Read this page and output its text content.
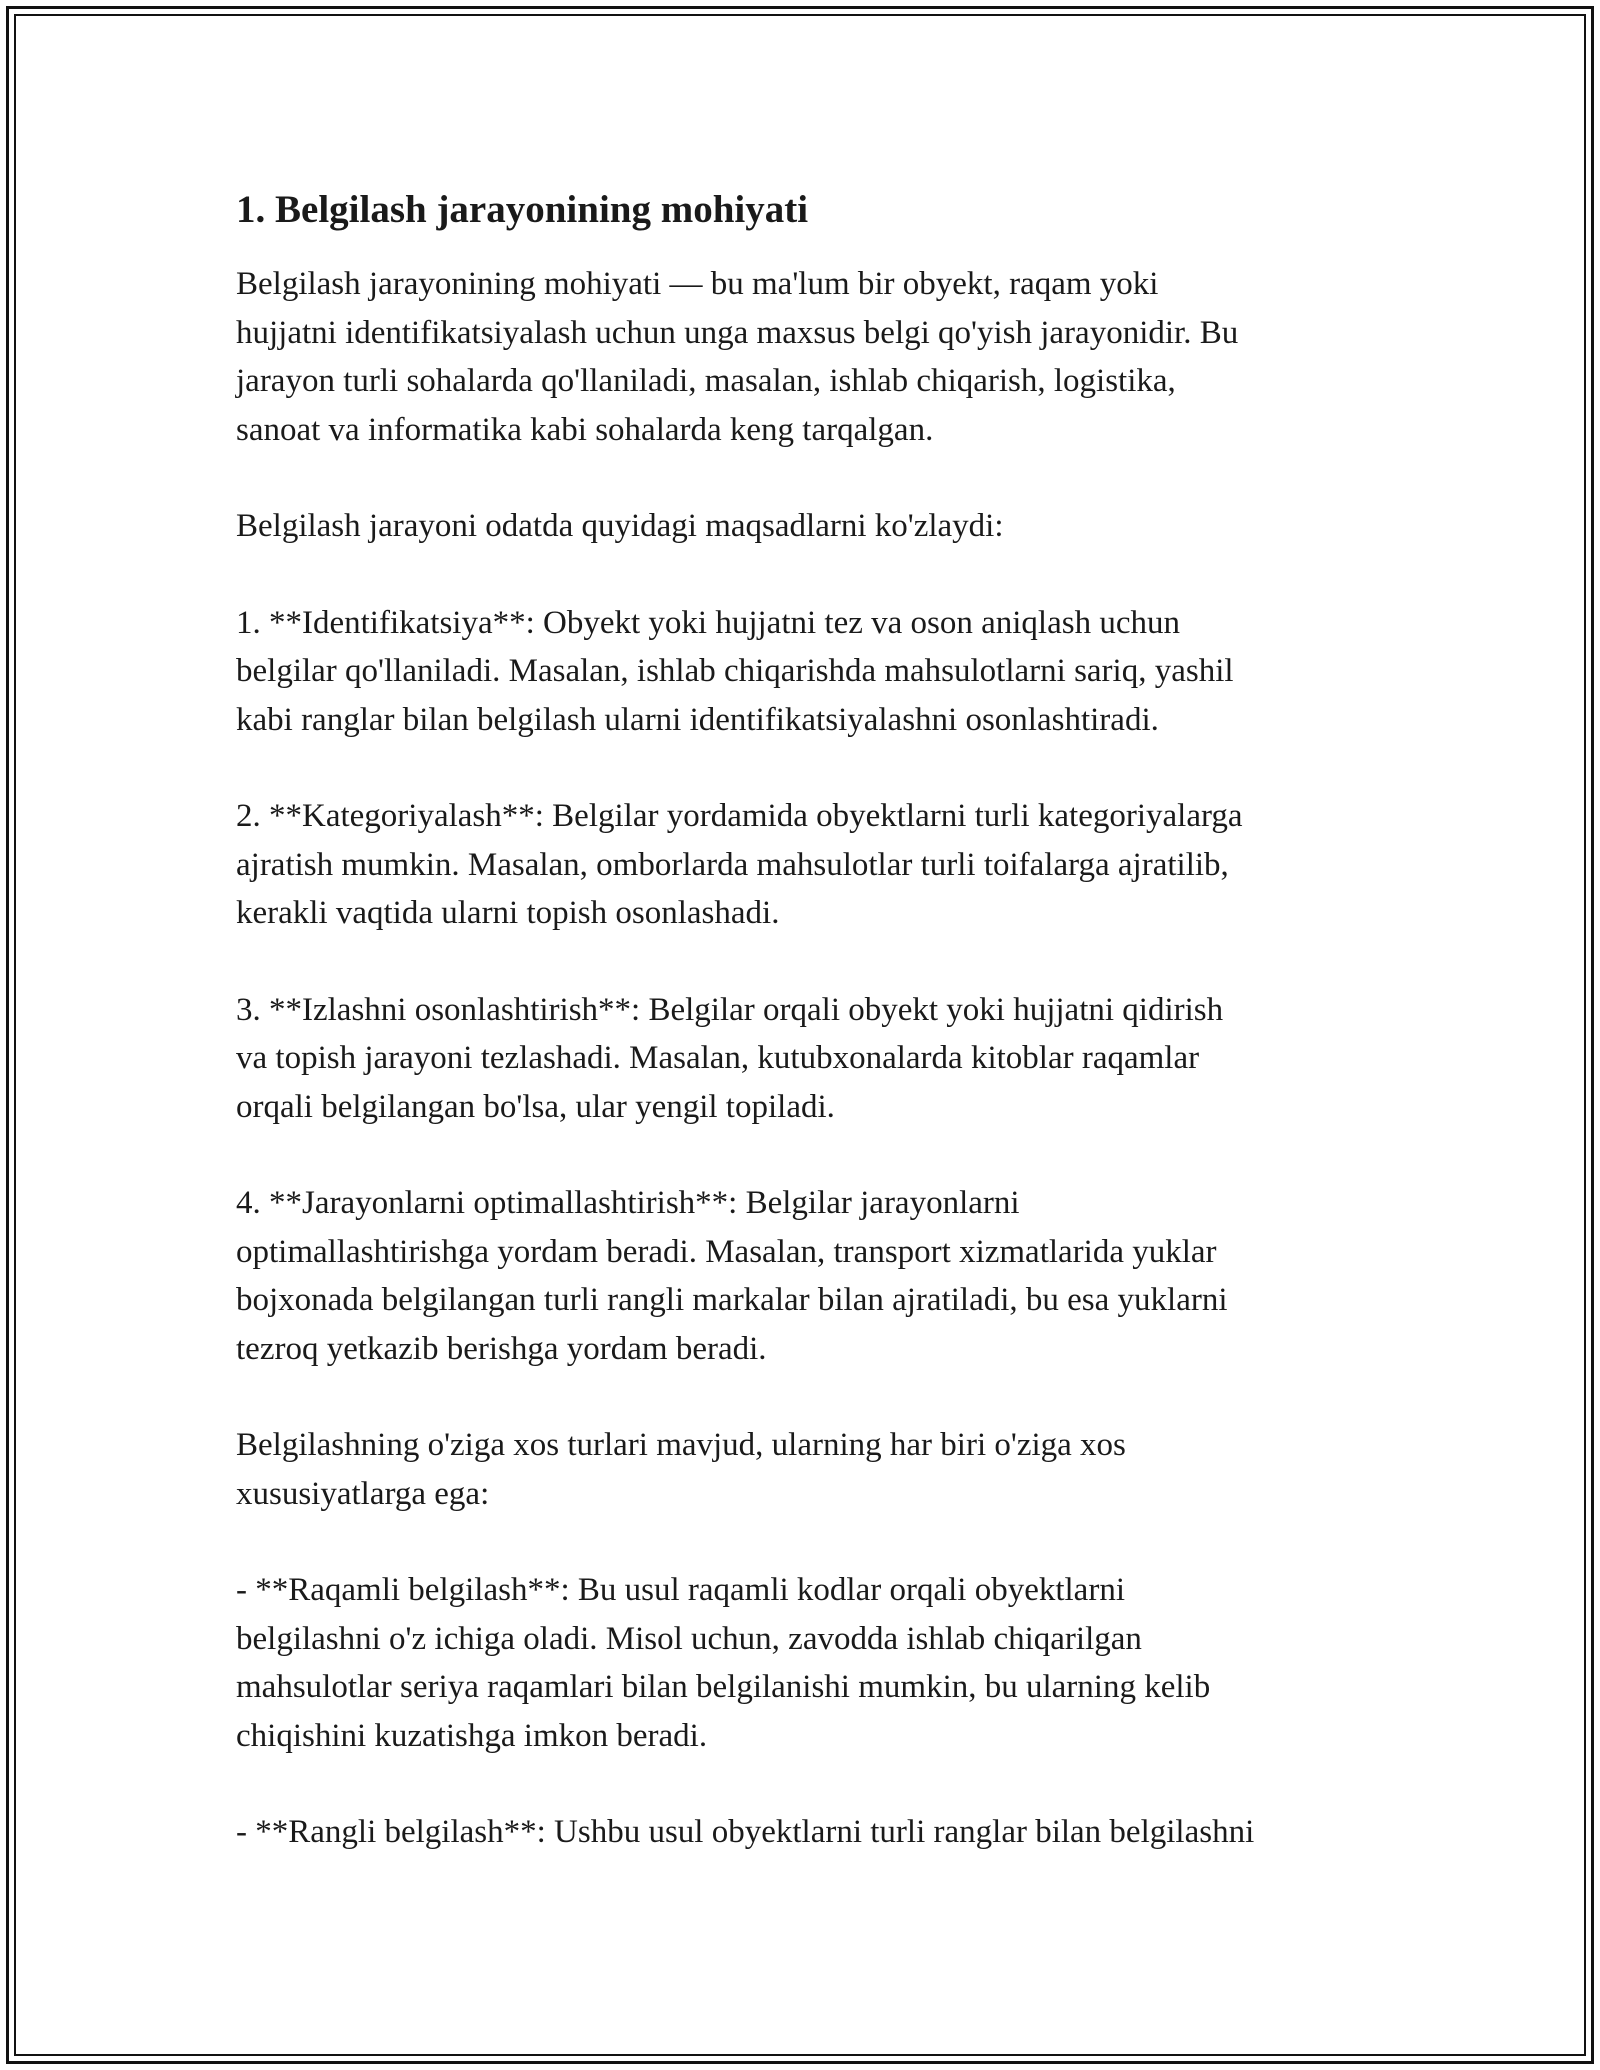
1. Belgilash jarayonining mohiyati

Belgilash jarayonining mohiyati — bu ma'lum bir obyekt, raqam yoki
hujjatni identifikatsiyalash uchun unga maxsus belgi qo'yish jarayonidir. Bu
jarayon turli sohalarda qo'llaniladi, masalan, ishlab chiqarish, logistika,
sanoat va informatika kabi sohalarda keng tarqalgan.

Belgilash jarayoni odatda quyidagi maqsadlarni ko'zlaydi:

1. **Identifikatsiya**: Obyekt yoki hujjatni tez va oson aniqlash uchun
belgilar qo'llaniladi. Masalan, ishlab chiqarishda mahsulotlarni sariq, yashil
kabi ranglar bilan belgilash ularni identifikatsiyalashni osonlashtiradi.

2. **Kategoriyalash**: Belgilar yordamida obyektlarni turli kategoriyalarga
ajratish mumkin. Masalan, omborlarda mahsulotlar turli toifalarga ajratilib,
kerakli vaqtida ularni topish osonlashadi.

3. **Izlashni osonlashtirish**: Belgilar orqali obyekt yoki hujjatni qidirish
va topish jarayoni tezlashadi. Masalan, kutubxonalarda kitoblar raqamlar
orqali belgilangan bo'lsa, ular yengil topiladi.

4. **Jarayonlarni optimallashtirish**: Belgilar jarayonlarni
optimallashtirishga yordam beradi. Masalan, transport xizmatlarida yuklar
bojxonada belgilangan turli rangli markalar bilan ajratiladi, bu esa yuklarni
tezroq yetkazib berishga yordam beradi.

Belgilashning o'ziga xos turlari mavjud, ularning har biri o'ziga xos
xususiyatlarga ega:

- **Raqamli belgilash**: Bu usul raqamli kodlar orqali obyektlarni
belgilashni o'z ichiga oladi. Misol uchun, zavodda ishlab chiqarilgan
mahsulotlar seriya raqamlari bilan belgilanishi mumkin, bu ularning kelib
chiqishini kuzatishga imkon beradi.

- **Rangli belgilash**: Ushbu usul obyektlarni turli ranglar bilan belgilashni
